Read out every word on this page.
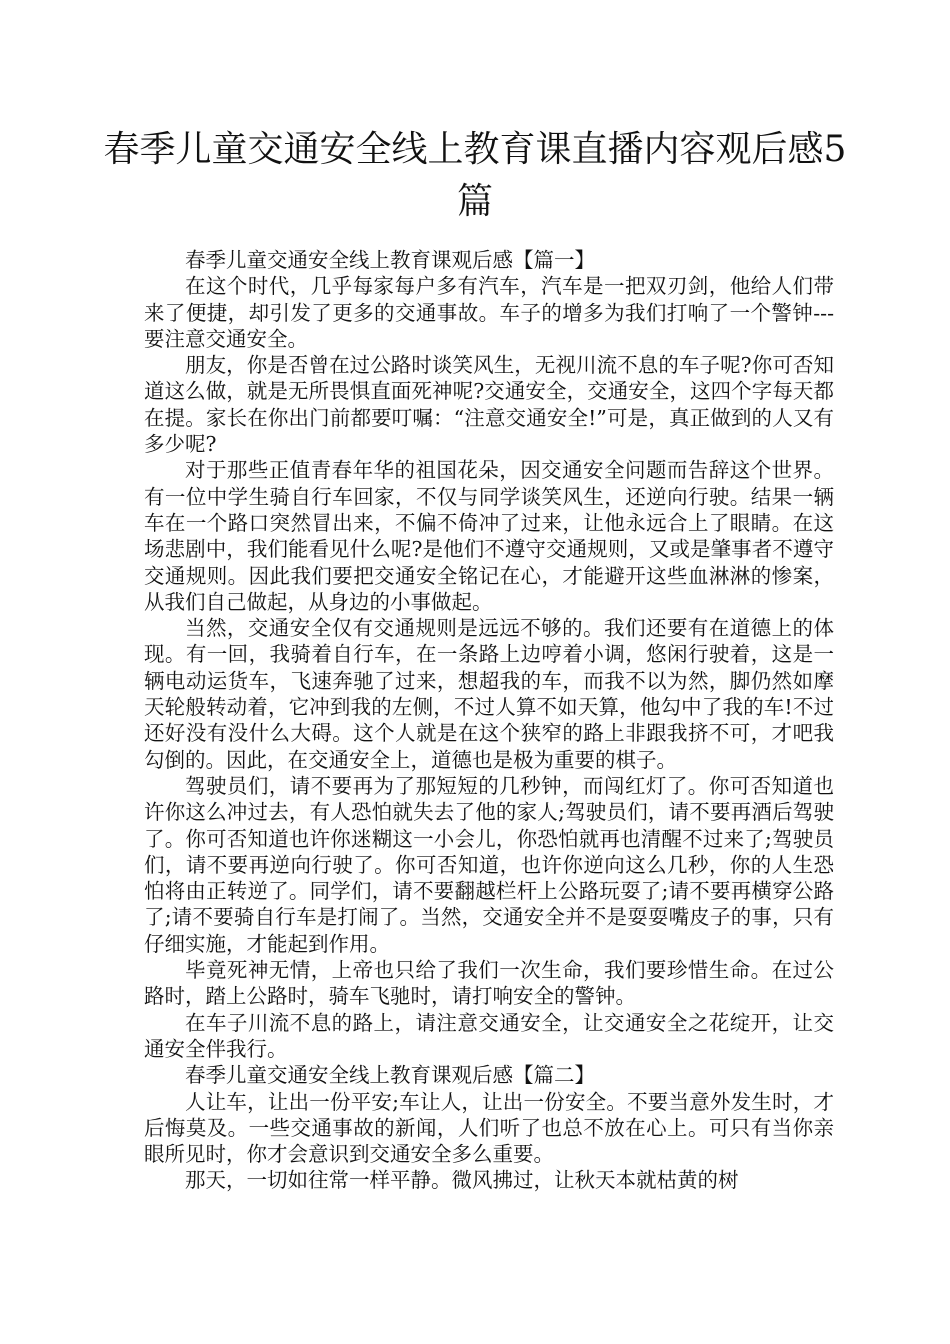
春季儿童交通安全线上教育课直播内容观后感5篇

春季儿童交通安全线上教育课观后感【篇一】

在这个时代，几乎每家每户多有汽车，汽车是一把双刃剑，他给人们带来了便捷，却引发了更多的交通事故。车子的增多为我们打响了一个警钟---要注意交通安全。

朋友，你是否曾在过公路时谈笑风生，无视川流不息的车子呢?你可否知道这么做，就是无所畏惧直面死神呢?交通安全，交通安全，这四个字每天都在提。家长在你出门前都要叮嘱：“注意交通安全!”可是，真正做到的人又有多少呢?

对于那些正值青春年华的祖国花朵，因交通安全问题而告辞这个世界。有一位中学生骑自行车回家，不仅与同学谈笑风生，还逆向行驶。结果一辆车在一个路口突然冒出来，不偏不倚冲了过来，让他永远合上了眼睛。在这场悲剧中，我们能看见什么呢?是他们不遵守交通规则，又或是肇事者不遵守交通规则。因此我们要把交通安全铭记在心，才能避开这些血淋淋的惨案，从我们自己做起，从身边的小事做起。

当然，交通安全仅有交通规则是远远不够的。我们还要有在道德上的体现。有一回，我骑着自行车，在一条路上边哼着小调，悠闲行驶着，这是一辆电动运货车，飞速奔驰了过来，想超我的车，而我不以为然，脚仍然如摩天轮般转动着，它冲到我的左侧，不过人算不如天算，他勾中了我的车!不过还好没有没什么大碍。这个人就是在这个狭窄的路上非跟我挤不可，才吧我勾倒的。因此，在交通安全上，道德也是极为重要的棋子。

驾驶员们，请不要再为了那短短的几秒钟，而闯红灯了。你可否知道也许你这么冲过去，有人恐怕就失去了他的家人;驾驶员们，请不要再酒后驾驶了。你可否知道也许你迷糊这一小会儿，你恐怕就再也清醒不过来了;驾驶员们，请不要再逆向行驶了。你可否知道，也许你逆向这么几秒，你的人生恐怕将由正转逆了。同学们，请不要翻越栏杆上公路玩耍了;请不要再横穿公路了;请不要骑自行车是打闹了。当然，交通安全并不是耍耍嘴皮子的事，只有仔细实施，才能起到作用。

毕竟死神无情，上帝也只给了我们一次生命，我们要珍惜生命。在过公路时，踏上公路时，骑车飞驰时，请打响安全的警钟。

在车子川流不息的路上，请注意交通安全，让交通安全之花绽开，让交通安全伴我行。

春季儿童交通安全线上教育课观后感【篇二】

人让车，让出一份平安;车让人，让出一份安全。不要当意外发生时，才后悔莫及。一些交通事故的新闻，人们听了也总不放在心上。可只有当你亲眼所见时，你才会意识到交通安全多么重要。

那天，一切如往常一样平静。微风拂过，让秋天本就枯黄的树
